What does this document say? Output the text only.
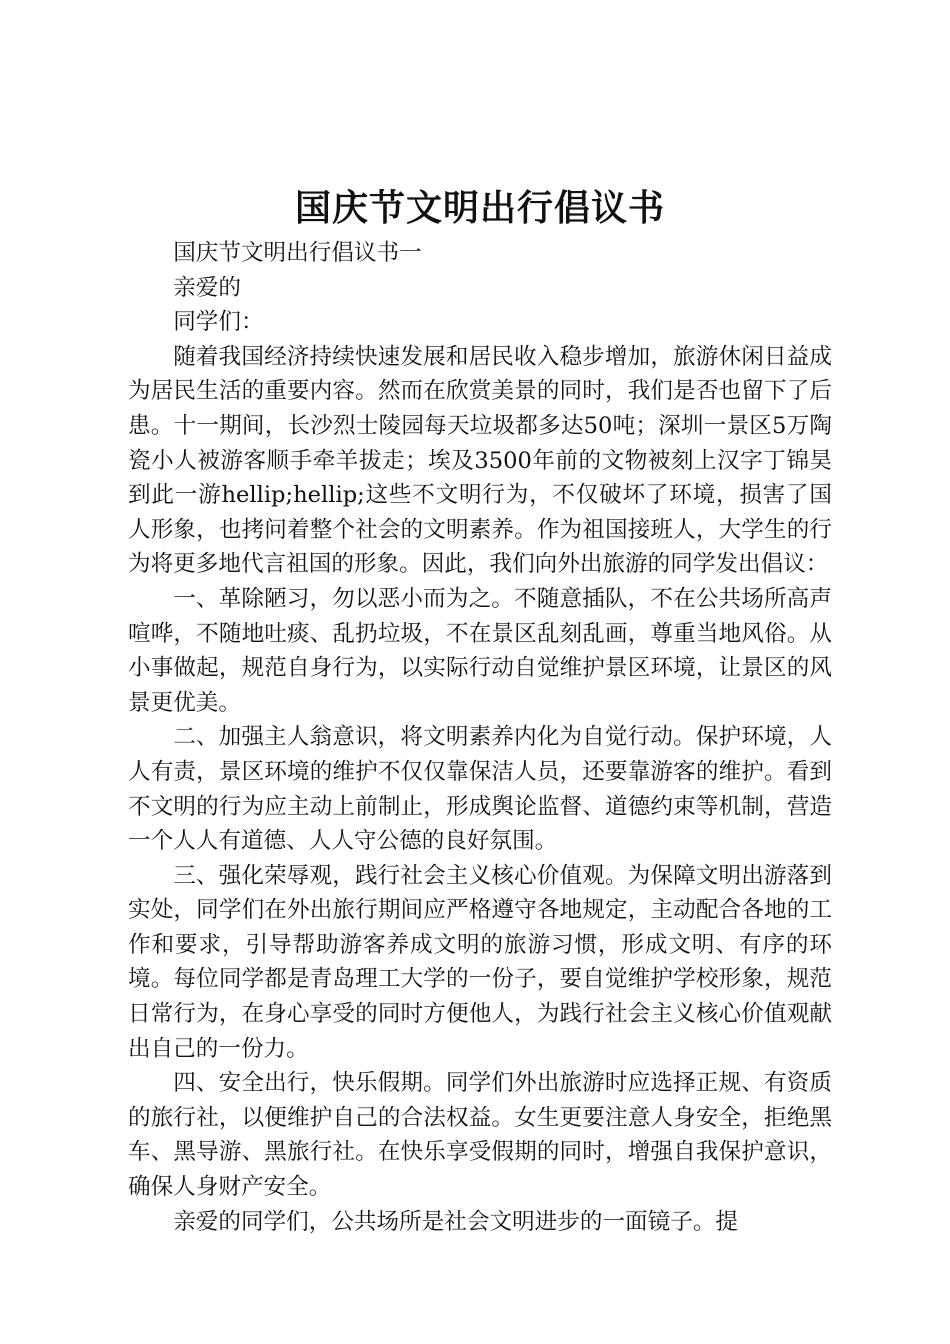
国庆节文明出行倡议书

国庆节文明出行倡议书一

亲爱的

同学们：

随着我国经济持续快速发展和居民收入稳步增加，旅游休闲日益成为居民生活的重要内容。然而在欣赏美景的同时，我们是否也留下了后患。十一期间，长沙烈士陵园每天垃圾都多达50吨；深圳一景区5万陶瓷小人被游客顺手牵羊拔走；埃及3500年前的文物被刻上汉字丁锦昊到此一游hellip;hellip;这些不文明行为，不仅破坏了环境，损害了国人形象，也拷问着整个社会的文明素养。作为祖国接班人，大学生的行为将更多地代言祖国的形象。因此，我们向外出旅游的同学发出倡议：

一、革除陋习，勿以恶小而为之。不随意插队，不在公共场所高声喧哗，不随地吐痰、乱扔垃圾，不在景区乱刻乱画，尊重当地风俗。从小事做起，规范自身行为，以实际行动自觉维护景区环境，让景区的风景更优美。

二、加强主人翁意识，将文明素养内化为自觉行动。保护环境，人人有责，景区环境的维护不仅仅靠保洁人员，还要靠游客的维护。看到不文明的行为应主动上前制止，形成舆论监督、道德约束等机制，营造一个人人有道德、人人守公德的良好氛围。

三、强化荣辱观，践行社会主义核心价值观。为保障文明出游落到实处，同学们在外出旅行期间应严格遵守各地规定，主动配合各地的工作和要求，引导帮助游客养成文明的旅游习惯，形成文明、有序的环境。每位同学都是青岛理工大学的一份子，要自觉维护学校形象，规范日常行为，在身心享受的同时方便他人，为践行社会主义核心价值观献出自己的一份力。

四、安全出行，快乐假期。同学们外出旅游时应选择正规、有资质的旅行社，以便维护自己的合法权益。女生更要注意人身安全，拒绝黑车、黑导游、黑旅行社。在快乐享受假期的同时，增强自我保护意识，确保人身财产安全。

亲爱的同学们，公共场所是社会文明进步的一面镜子。提
